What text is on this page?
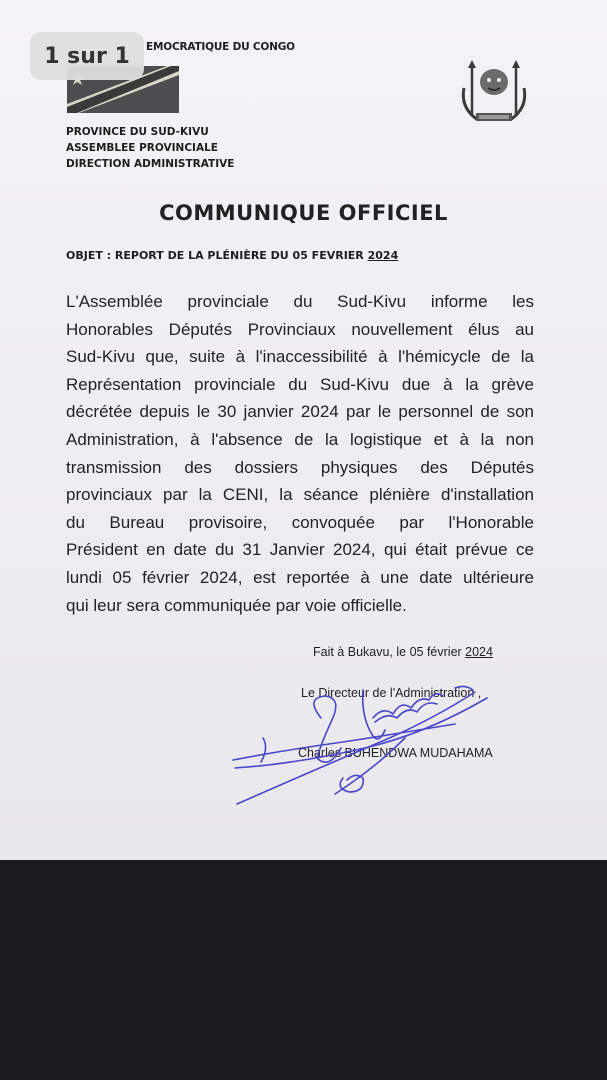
EMOCRATIQUE DU CONGO
PROVINCE DU SUD-KIVU
ASSEMBLEE PROVINCIALE
DIRECTION ADMINISTRATIVE
COMMUNIQUE OFFICIEL
OBJET : REPORT DE LA PLÉNIÈRE DU 05 FEVRIER 2024
L'Assemblée provinciale du Sud-Kivu informe les
Honorables Députés Provinciaux nouvellement élus au
Sud-Kivu que, suite à l'inaccessibilité à l'hémicycle de la
Représentation provinciale du Sud-Kivu due à la grève
décrétée depuis le 30 janvier 2024 par le personnel de son
Administration, à l'absence de la logistique et à la non
transmission des dossiers physiques des Députés
provinciaux par la CENI, la séance plénière d'installation
du Bureau provisoire, convoquée par l'Honorable
Président en date du 31 Janvier 2024, qui était prévue ce
lundi 05 février 2024, est reportée à une date ultérieure
qui leur sera communiquée par voie officielle.
Fait à Bukavu, le 05 février 2024
Le Directeur de l'Administration ,
Charles BUHENDWA MUDAHAMA
1 sur 1
